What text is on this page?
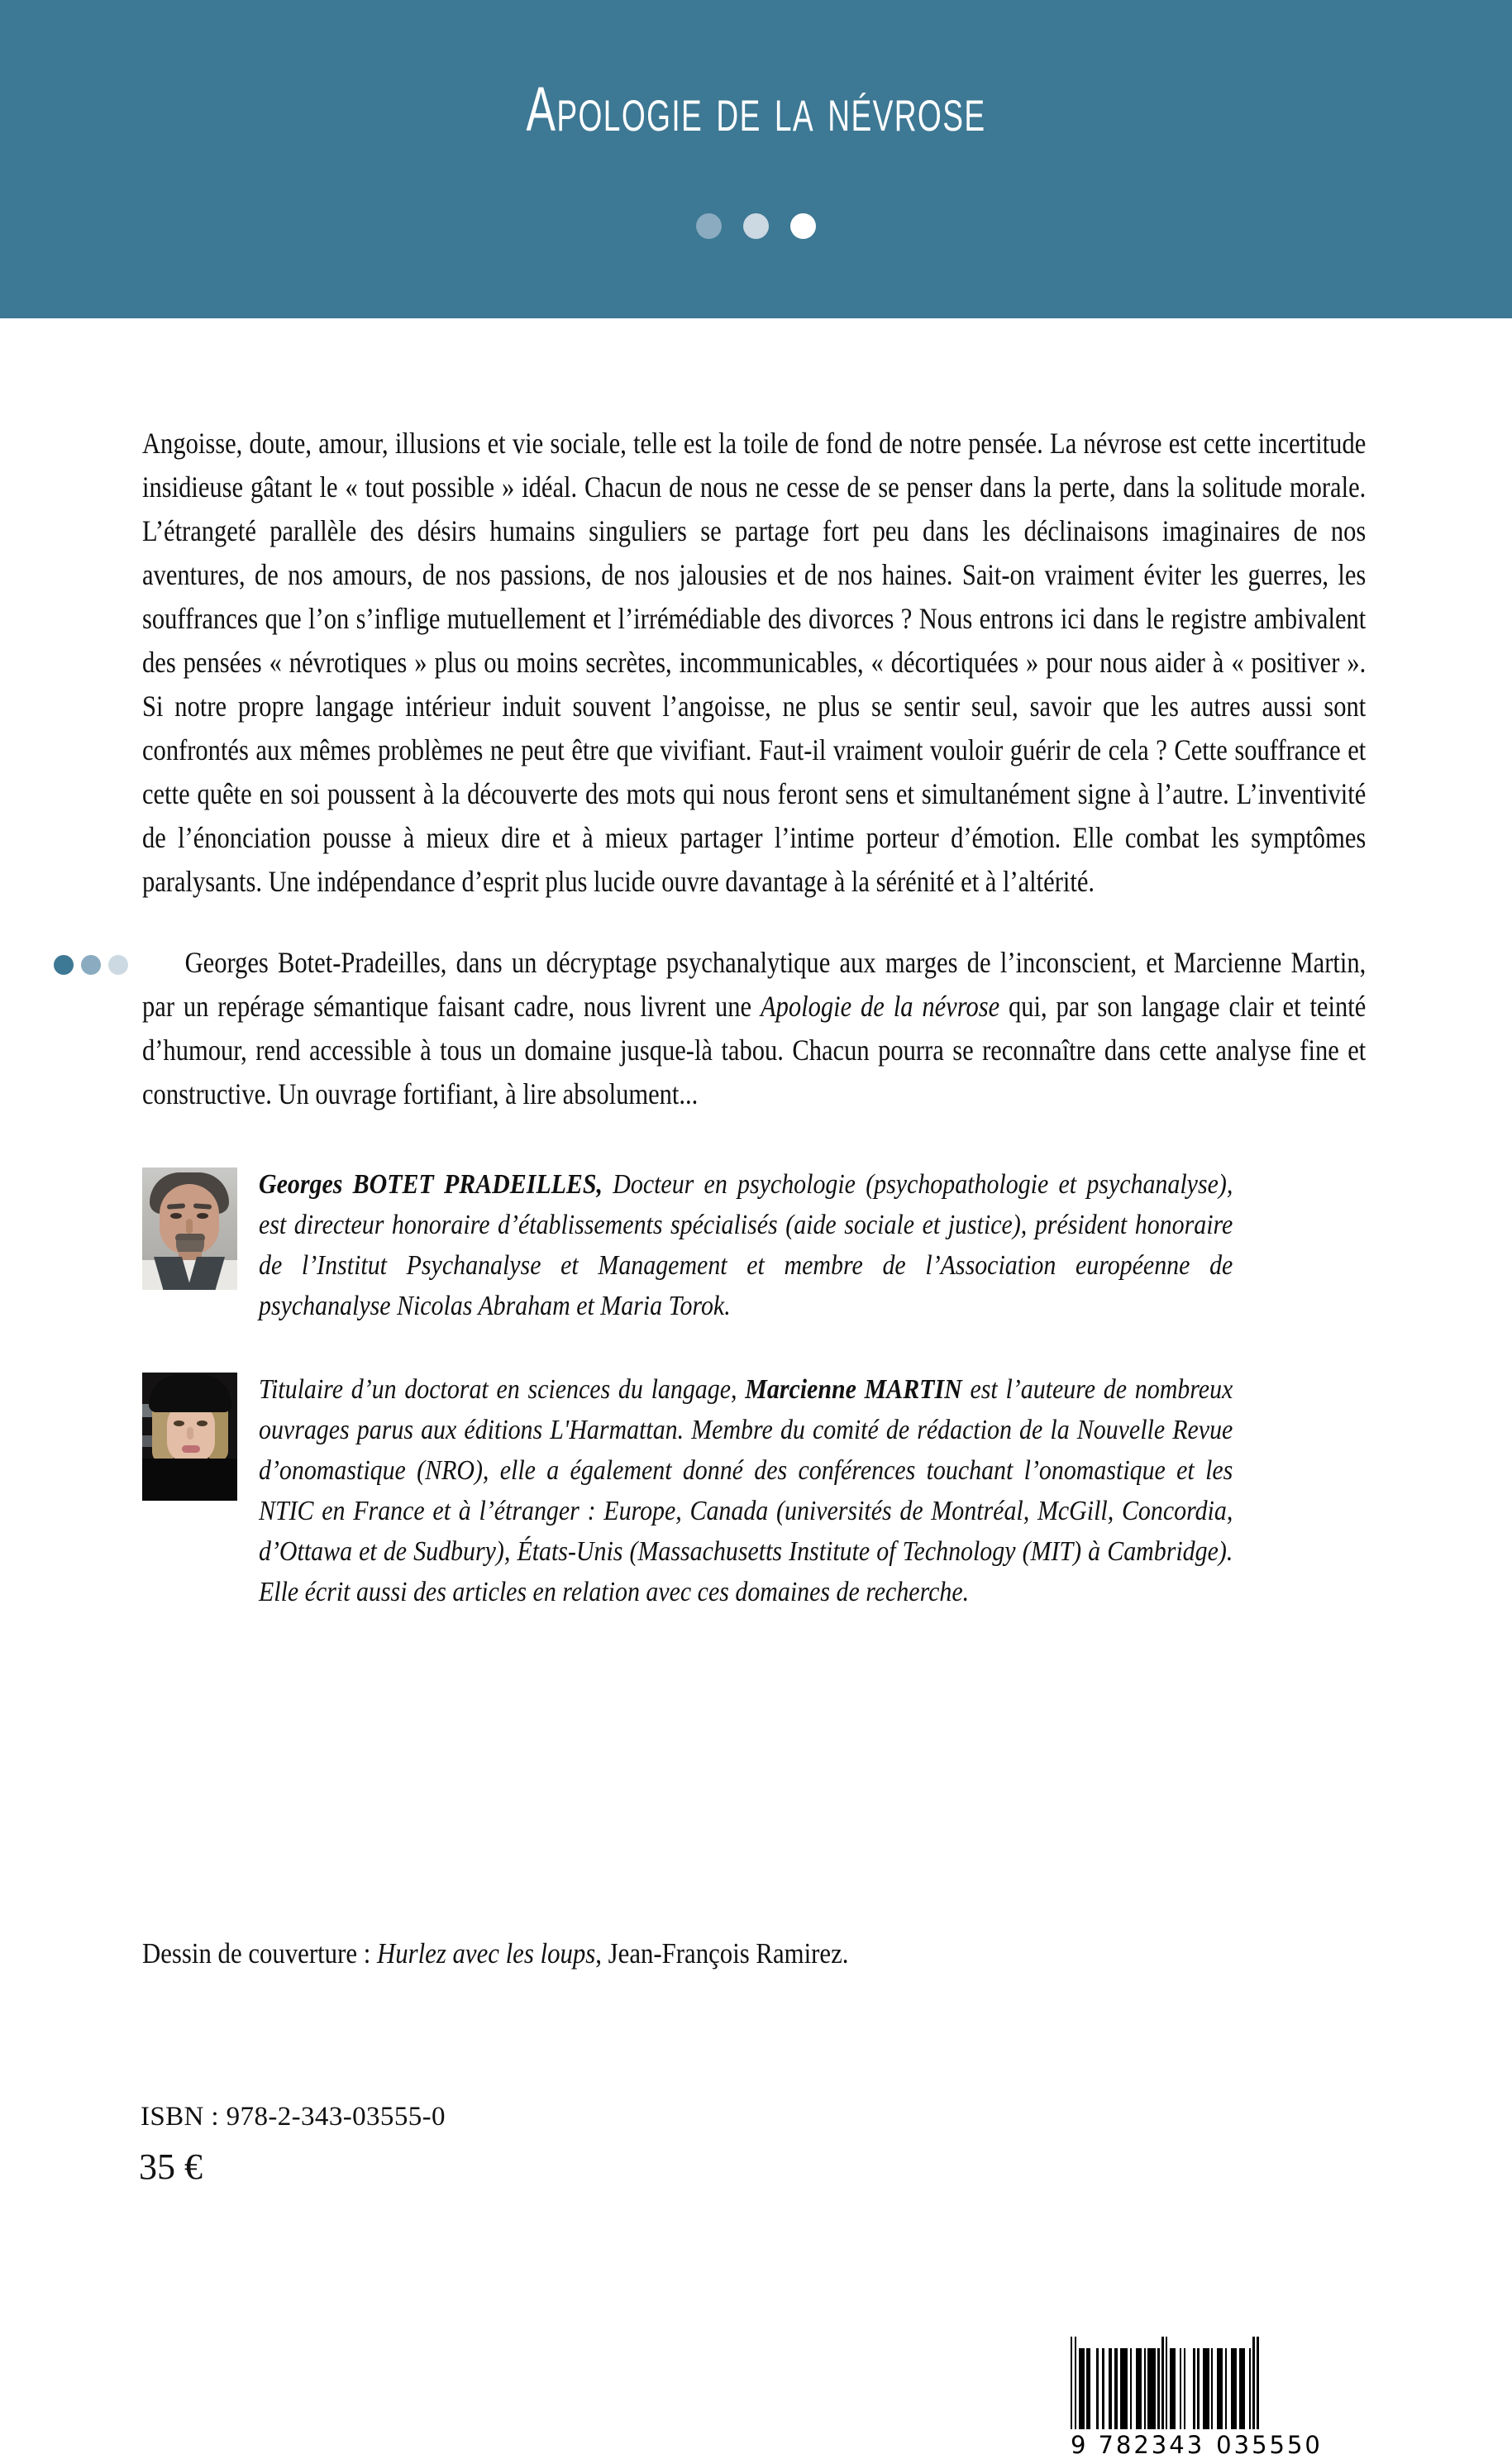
Apologie de la névrose

Angoisse, doute, amour, illusions et vie sociale, telle est la toile de fond de notre pensée. La névrose est cette incertitude insidieuse gâtant le « tout possible » idéal. Chacun de nous ne cesse de se penser dans la perte, dans la solitude morale. L’étrangeté parallèle des désirs humains singuliers se partage fort peu dans les déclinaisons imaginaires de nos aventures, de nos amours, de nos passions, de nos jalousies et de nos haines. Sait-on vraiment éviter les guerres, les souffrances que l’on s’inflige mutuellement et l’irrémédiable des divorces ? Nous entrons ici dans le registre ambivalent des pensées « névrotiques » plus ou moins secrètes, incommunicables, « décortiquées » pour nous aider à « positiver ». Si notre propre langage intérieur induit souvent l’angoisse, ne plus se sentir seul, savoir que les autres aussi sont confrontés aux mêmes problèmes ne peut être que vivifiant. Faut-il vraiment vouloir guérir de cela ? Cette souffrance et cette quête en soi poussent à la découverte des mots qui nous feront sens et simultanément signe à l’autre. L’inventivité de l’énonciation pousse à mieux dire et à mieux partager l’intime porteur d’émotion. Elle combat les symptômes paralysants. Une indépendance d’esprit plus lucide ouvre davantage à la sérénité et à l’altérité.

Georges Botet-Pradeilles, dans un décryptage psychanalytique aux marges de l’inconscient, et Marcienne Martin, par un repérage sémantique faisant cadre, nous livrent une Apologie de la névrose qui, par son langage clair et teinté d’humour, rend accessible à tous un domaine jusque-là tabou. Chacun pourra se reconnaître dans cette analyse fine et constructive. Un ouvrage fortifiant, à lire absolument...

Georges BOTET PRADEILLES, Docteur en psychologie (psychopathologie et psychanalyse), est directeur honoraire d’établissements spécialisés (aide sociale et justice), président honoraire de l’Institut Psychanalyse et Management et membre de l’Association européenne de psychanalyse Nicolas Abraham et Maria Torok.
Titulaire d’un doctorat en sciences du langage, Marcienne MARTIN est l’auteure de nombreux ouvrages parus aux éditions L'Harmattan. Membre du comité de rédaction de la Nouvelle Revue d’onomastique (NRO), elle a également donné des conférences touchant l’onomastique et les NTIC en France et à l’étranger : Europe, Canada (universités de Montréal, McGill, Concordia, d’Ottawa et de Sudbury), États-Unis (Massachusetts Institute of Technology (MIT) à Cambridge). Elle écrit aussi des articles en relation avec ces domaines de recherche.
Dessin de couverture : Hurlez avec les loups, Jean-François Ramirez.
ISBN : 978-2-343-03555-0
35 €
9 782343 035550
